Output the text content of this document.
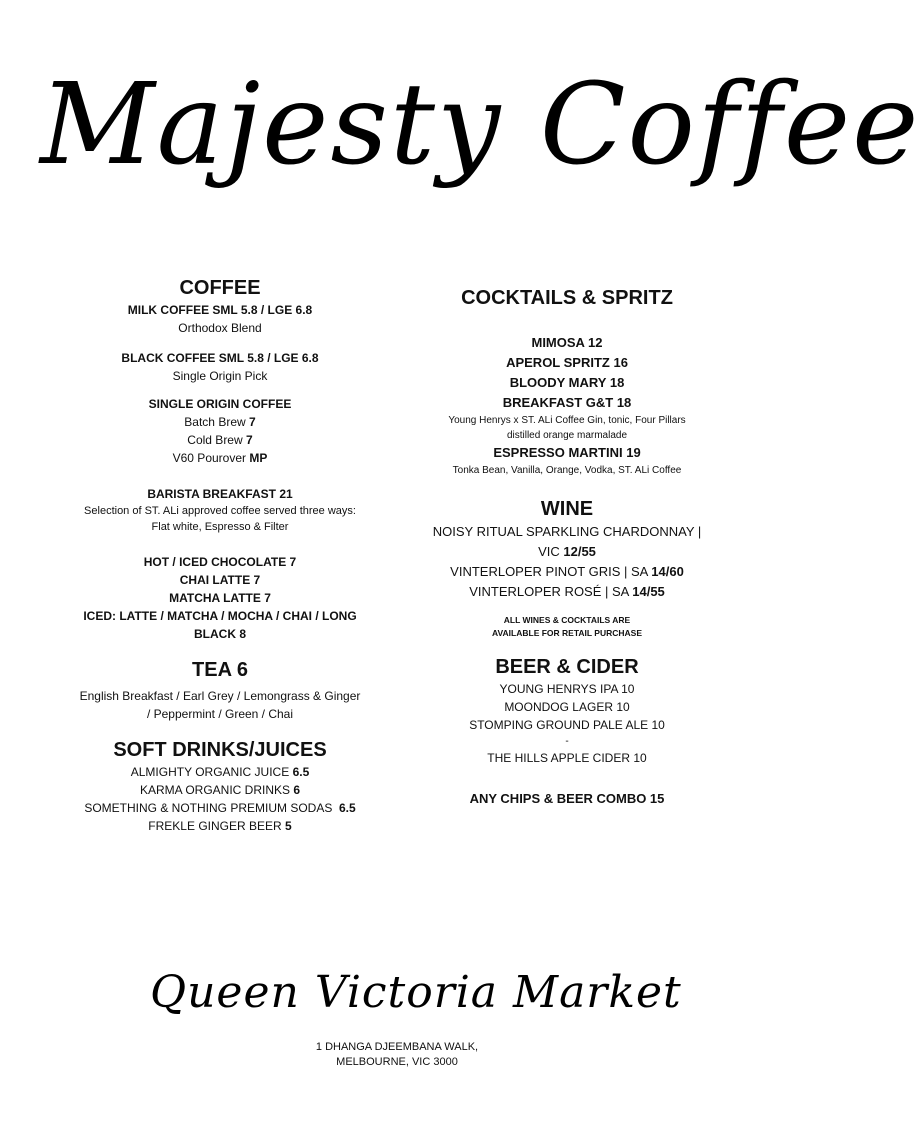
Majesty Coffee
COFFEE
MILK COFFEE SML 5.8 / LGE 6.8
Orthodox Blend
BLACK COFFEE SML 5.8 / LGE 6.8
Single Origin Pick
SINGLE ORIGIN COFFEE
Batch Brew 7
Cold Brew 7
V60 Pourover MP
BARISTA BREAKFAST 21
Selection of ST. ALi approved coffee served three ways:
Flat white, Espresso & Filter
HOT / ICED CHOCOLATE 7
CHAI LATTE 7
MATCHA LATTE 7
ICED: LATTE / MATCHA / MOCHA / CHAI / LONG
BLACK 8
TEA 6
English Breakfast / Earl Grey / Lemongrass & Ginger
/ Peppermint / Green / Chai
SOFT DRINKS/JUICES
ALMIGHTY ORGANIC JUICE 6.5
KARMA ORGANIC DRINKS 6
SOMETHING & NOTHING PREMIUM SODAS 6.5
FREKLE GINGER BEER 5
COCKTAILS & SPRITZ
MIMOSA 12
APEROL SPRITZ 16
BLOODY MARY 18
BREAKFAST G&T 18
Young Henrys x ST. ALi Coffee Gin, tonic, Four Pillars
distilled orange marmalade
ESPRESSO MARTINI 19
Tonka Bean, Vanilla, Orange, Vodka, ST. ALi Coffee
WINE
NOISY RITUAL SPARKLING CHARDONNAY |
VIC 12/55
VINTERLOPER PINOT GRIS | SA 14/60
VINTERLOPER ROSÉ | SA 14/55
ALL WINES & COCKTAILS ARE
AVAILABLE FOR RETAIL PURCHASE
BEER & CIDER
YOUNG HENRYS IPA 10
MOONDOG LAGER 10
STOMPING GROUND PALE ALE 10
-
THE HILLS APPLE CIDER 10
ANY CHIPS & BEER COMBO 15
Queen Victoria Market
1 DHANGA DJEEMBANA WALK,
MELBOURNE, VIC 3000
